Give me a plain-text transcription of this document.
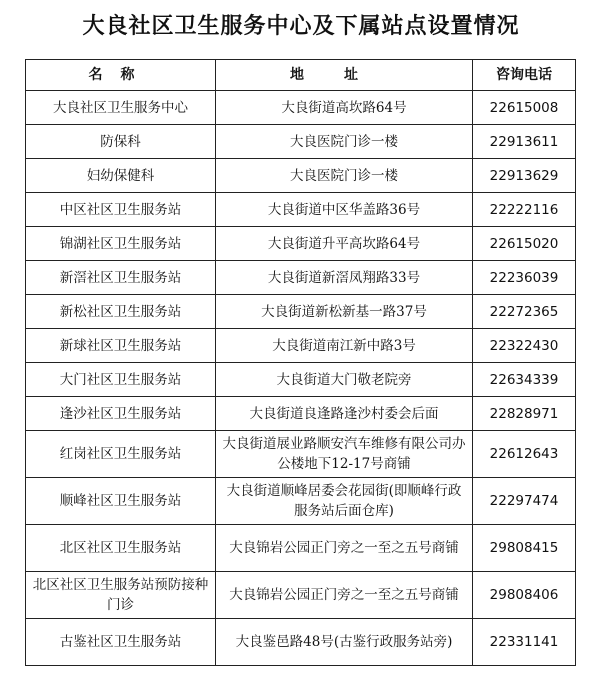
大良社区卫生服务中心及下属站点设置情况
名称	地址	咨询电话
大良社区卫生服务中心	大良街道高坎路64号	22615008
防保科	大良医院门诊一楼	22913611
妇幼保健科	大良医院门诊一楼	22913629
中区社区卫生服务站	大良街道中区华盖路36号	22222116
锦湖社区卫生服务站	大良街道升平高坎路64号	22615020
新滘社区卫生服务站	大良街道新滘凤翔路33号	22236039
新松社区卫生服务站	大良街道新松新基一路37号	22272365
新球社区卫生服务站	大良街道南江新中路3号	22322430
大门社区卫生服务站	大良街道大门敬老院旁	22634339
逢沙社区卫生服务站	大良街道良逢路逢沙村委会后面	22828971
红岗社区卫生服务站	大良街道展业路顺安汽车维修有限公司办公楼地下12-17号商铺	22612643
顺峰社区卫生服务站	大良街道顺峰居委会花园街(即顺峰行政服务站后面仓库)	22297474
北区社区卫生服务站	大良锦岩公园正门旁之一至之五号商铺	29808415
北区社区卫生服务站预防接种门诊	大良锦岩公园正门旁之一至之五号商铺	29808406
古鉴社区卫生服务站	大良鉴邑路48号(古鉴行政服务站旁)	22331141
